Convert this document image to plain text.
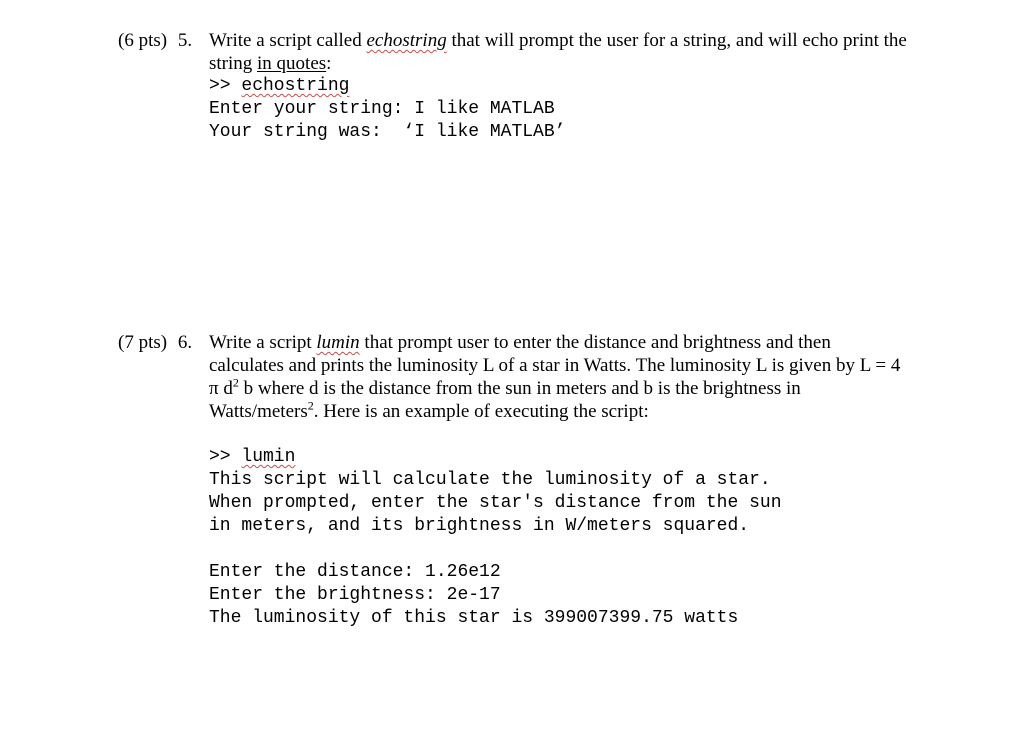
(6 pts) 5. Write a script called echostring that will prompt the user for a string, and will echo print the string in quotes:
>> echostring
Enter your string: I like MATLAB
Your string was:  ‘I like MATLAB’
(7 pts) 6. Write a script lumin that prompt user to enter the distance and brightness and then calculates and prints the luminosity L of a star in Watts. The luminosity L is given by L = 4 π $d^2$ b where d is the distance from the sun in meters and b is the brightness in Watts/meters$^2$. Here is an example of executing the script:
>> lumin
This script will calculate the luminosity of a star.
When prompted, enter the star's distance from the sun
in meters, and its brightness in W/meters squared.
Enter the distance: 1.26e12
Enter the brightness: 2e-17
The luminosity of this star is 399007399.75 watts
